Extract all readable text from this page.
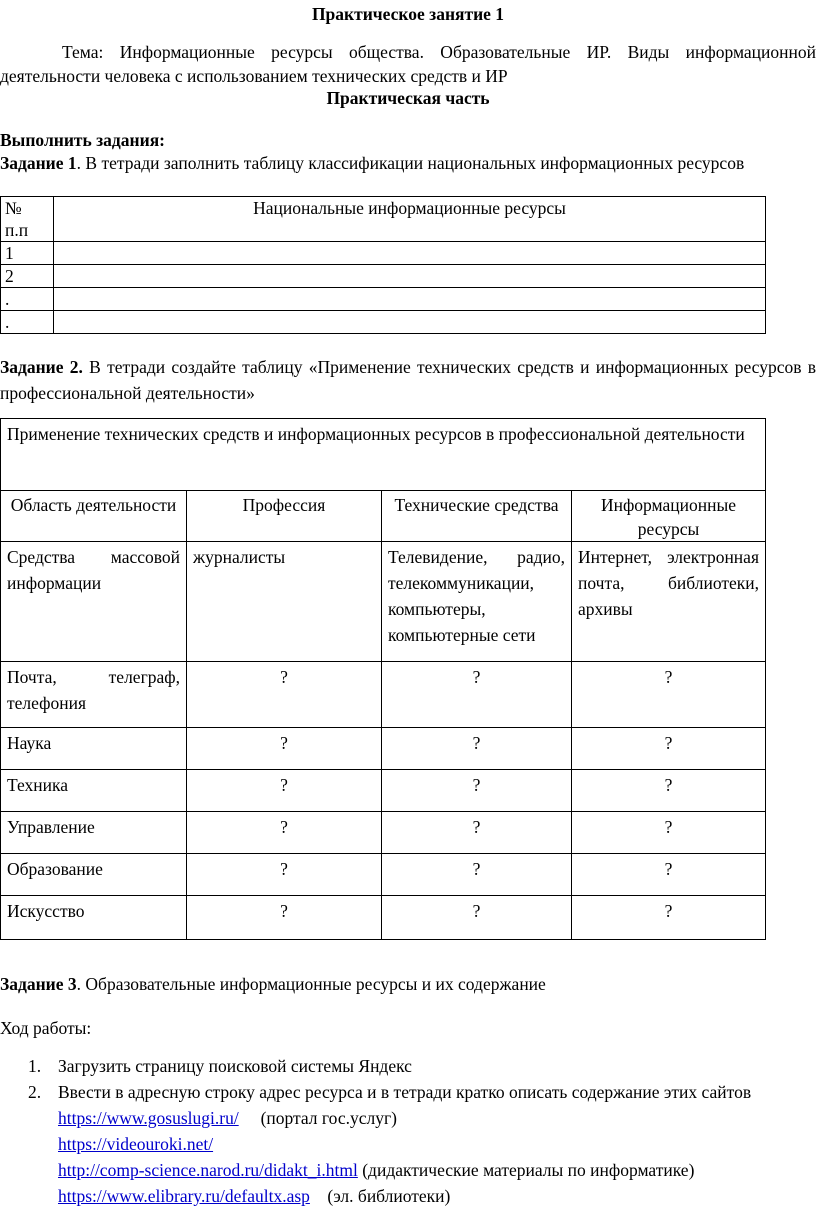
Практическое занятие 1
Тема: Информационные ресурсы общества. Образовательные ИР. Виды информационной деятельности человека с использованием технических средств и ИР
Практическая часть
Выполнить задания:
Задание 1. В тетради заполнить таблицу классификации национальных информационных ресурсов
№
п.п	Национальные информационные ресурсы
1	
2	
.	
.	
Задание 2. В тетради создайте таблицу «Применение технических средств и информационных ресурсов в профессиональной деятельности»
Применение технических средств и информационных ресурсов в профессиональной деятельности			
Область деятельности	Профессия	Технические средства	Информационные ресурсы
Средства массовой информации	журналисты	Телевидение, радио, телекоммуникации, компьютеры, компьютерные сети	Интернет, электронная почта, библиотеки, архивы
Почта, телеграф, телефония	?	?	?
Наука	?	?	?
Техника	?	?	?
Управление	?	?	?
Образование	?	?	?
Искусство	?	?	?
Задание 3. Образовательные информационные ресурсы и их содержание
Ход работы:
1. Загрузить страницу поисковой системы Яндекс
2. Ввести в адресную строку адрес ресурса и в тетради кратко описать содержание этих сайтов
https://www.gosuslugi.ru/ (портал гос.услуг)
https://videouroki.net/
http://comp-science.narod.ru/didakt_i.html (дидактические материалы по информатике)
https://www.elibrary.ru/defaultx.asp (эл. библиотеки)
